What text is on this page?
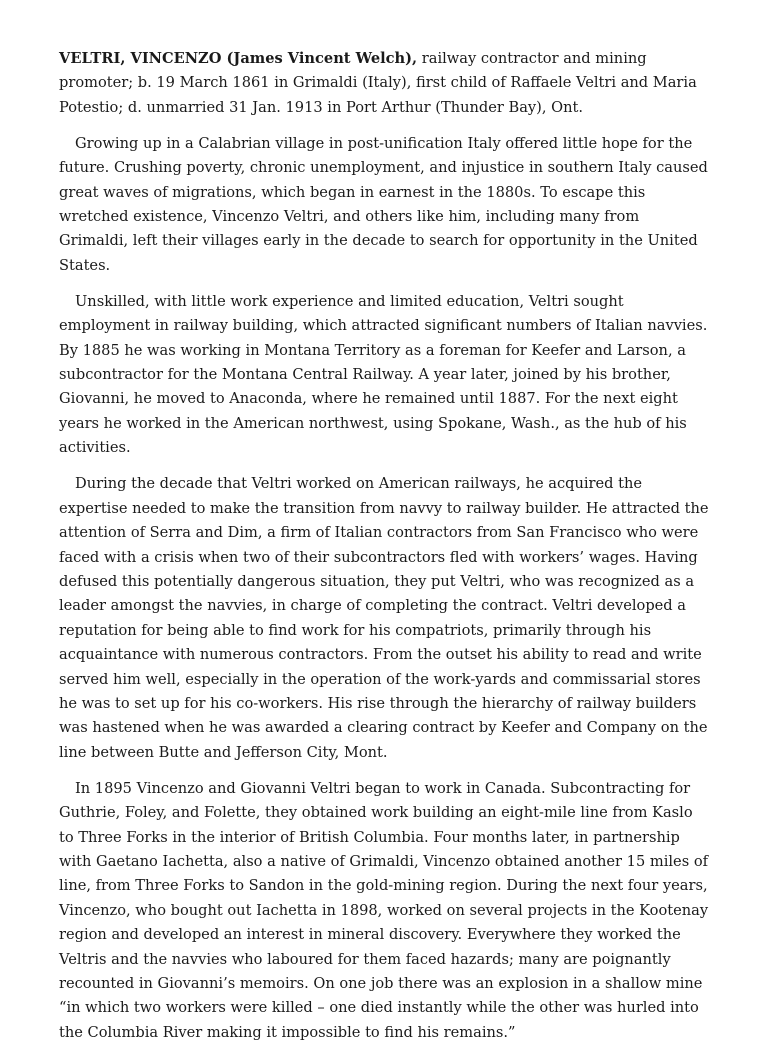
VELTRI, VINCENZO (James Vincent Welch), railway contractor and mining promoter; b. 19 March 1861 in Grimaldi (Italy), first child of Raffaele Veltri and Maria Potestio; d. unmarried 31 Jan. 1913 in Port Arthur (Thunder Bay), Ont.

Growing up in a Calabrian village in post-unification Italy offered little hope for the future. Crushing poverty, chronic unemployment, and injustice in southern Italy caused great waves of migrations, which began in earnest in the 1880s. To escape this wretched existence, Vincenzo Veltri, and others like him, including many from Grimaldi, left their villages early in the decade to search for opportunity in the United States.

Unskilled, with little work experience and limited education, Veltri sought employment in railway building, which attracted significant numbers of Italian navvies. By 1885 he was working in Montana Territory as a foreman for Keefer and Larson, a subcontractor for the Montana Central Railway. A year later, joined by his brother, Giovanni, he moved to Anaconda, where he remained until 1887. For the next eight years he worked in the American northwest, using Spokane, Wash., as the hub of his activities.

During the decade that Veltri worked on American railways, he acquired the expertise needed to make the transition from navvy to railway builder. He attracted the attention of Serra and Dim, a firm of Italian contractors from San Francisco who were faced with a crisis when two of their subcontractors fled with workers’ wages. Having defused this potentially dangerous situation, they put Veltri, who was recognized as a leader amongst the navvies, in charge of completing the contract. Veltri developed a reputation for being able to find work for his compatriots, primarily through his acquaintance with numerous contractors. From the outset his ability to read and write served him well, especially in the operation of the work-yards and commissarial stores he was to set up for his co-workers. His rise through the hierarchy of railway builders was hastened when he was awarded a clearing contract by Keefer and Company on the line between Butte and Jefferson City, Mont.

In 1895 Vincenzo and Giovanni Veltri began to work in Canada. Subcontracting for Guthrie, Foley, and Folette, they obtained work building an eight-mile line from Kaslo to Three Forks in the interior of British Columbia. Four months later, in partnership with Gaetano Iachetta, also a native of Grimaldi, Vincenzo obtained another 15 miles of line, from Three Forks to Sandon in the gold-mining region. During the next four years, Vincenzo, who bought out Iachetta in 1898, worked on several projects in the Kootenay region and developed an interest in mineral discovery. Everywhere they worked the Veltris and the navvies who laboured for them faced hazards; many are poignantly recounted in Giovanni’s memoirs. On one job there was an explosion in a shallow mine “in which two workers were killed – one died instantly while the other was hurled into the Columbia River making it impossible to find his remains.”
